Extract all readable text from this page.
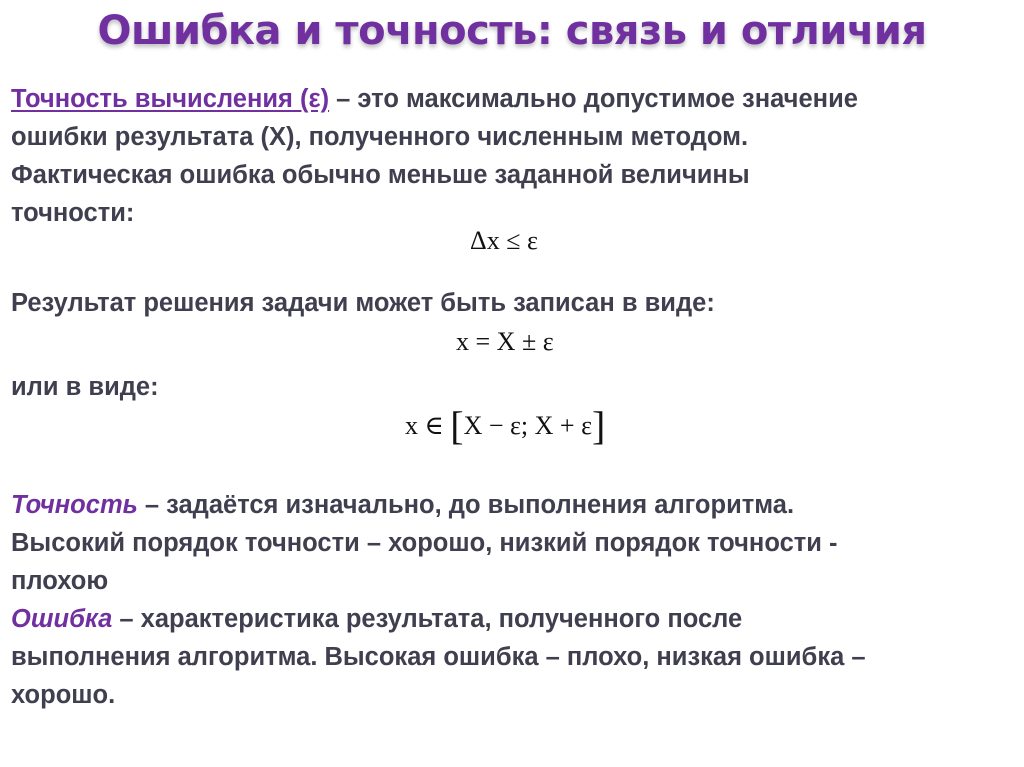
Ошибка и точность: связь и отличия
Точность вычисления (ε) – это максимально допустимое значение
ошибки результата (X), полученного численным методом.
Фактическая ошибка обычно меньше заданной величины
точности:
Δx ≤ ε
Результат решения задачи может быть записан в виде:
x = X ± ε
или в виде:
x ∈ [X − ε; X + ε]
Точность – задаётся изначально, до выполнения алгоритма.
Высокий порядок точности – хорошо, низкий порядок точности -
плохою
Ошибка – характеристика результата, полученного после
выполнения алгоритма. Высокая ошибка – плохо, низкая ошибка –
хорошо.
